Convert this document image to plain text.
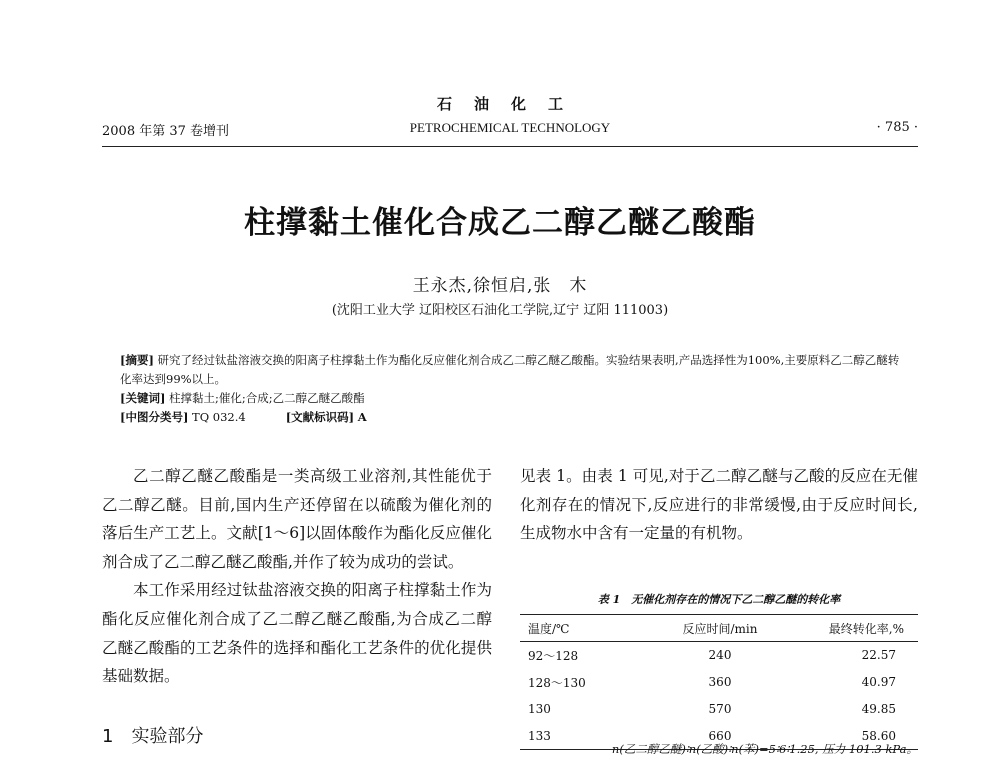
石油化工
2008 年第 37 卷增刊	PETROCHEMICAL TECHNOLOGY	· 785 ·
柱撑黏土催化合成乙二醇乙醚乙酸酯
王永杰,徐恒启,张　木
(沈阳工业大学 辽阳校区石油化工学院,辽宁 辽阳 111003)

[摘要] 研究了经过钛盐溶液交换的阳离子柱撑黏土作为酯化反应催化剂合成乙二醇乙醚乙酸酯。实验结果表明,产品选择性为100%,主要原料乙二醇乙醚转化率达到99%以上。

[关键词] 柱撑黏土;催化;合成;乙二醇乙醚乙酸酯

[中图分类号] TQ 032.4	[文献标识码] A

乙二醇乙醚乙酸酯是一类高级工业溶剂,其性能优于乙二醇乙醚。目前,国内生产还停留在以硫酸为催化剂的落后生产工艺上。文献[1～6]以固体酸作为酯化反应催化剂合成了乙二醇乙醚乙酸酯,并作了较为成功的尝试。

本工作采用经过钛盐溶液交换的阳离子柱撑黏土作为酯化反应催化剂合成了乙二醇乙醚乙酸酯,为合成乙二醇乙醚乙酸酯的工艺条件的选择和酯化工艺条件的优化提供基础数据。

1 实验部分

见表 1。由表 1 可见,对于乙二醇乙醚与乙酸的反应在无催化剂存在的情况下,反应进行的非常缓慢,由于反应时间长,生成物水中含有一定量的有机物。

表 1　无催化剂存在的情况下乙二醇乙醚的转化率
温度/℃	反应时间/min	最终转化率,%
92～128	240	22.57
128～130	360	40.97
130	570	49.85
133	660	58.60
n(乙二醇乙醚)∶n(乙酸)∶n(苯)=5∶6∶1.25, 压力 101.3 kPa。
